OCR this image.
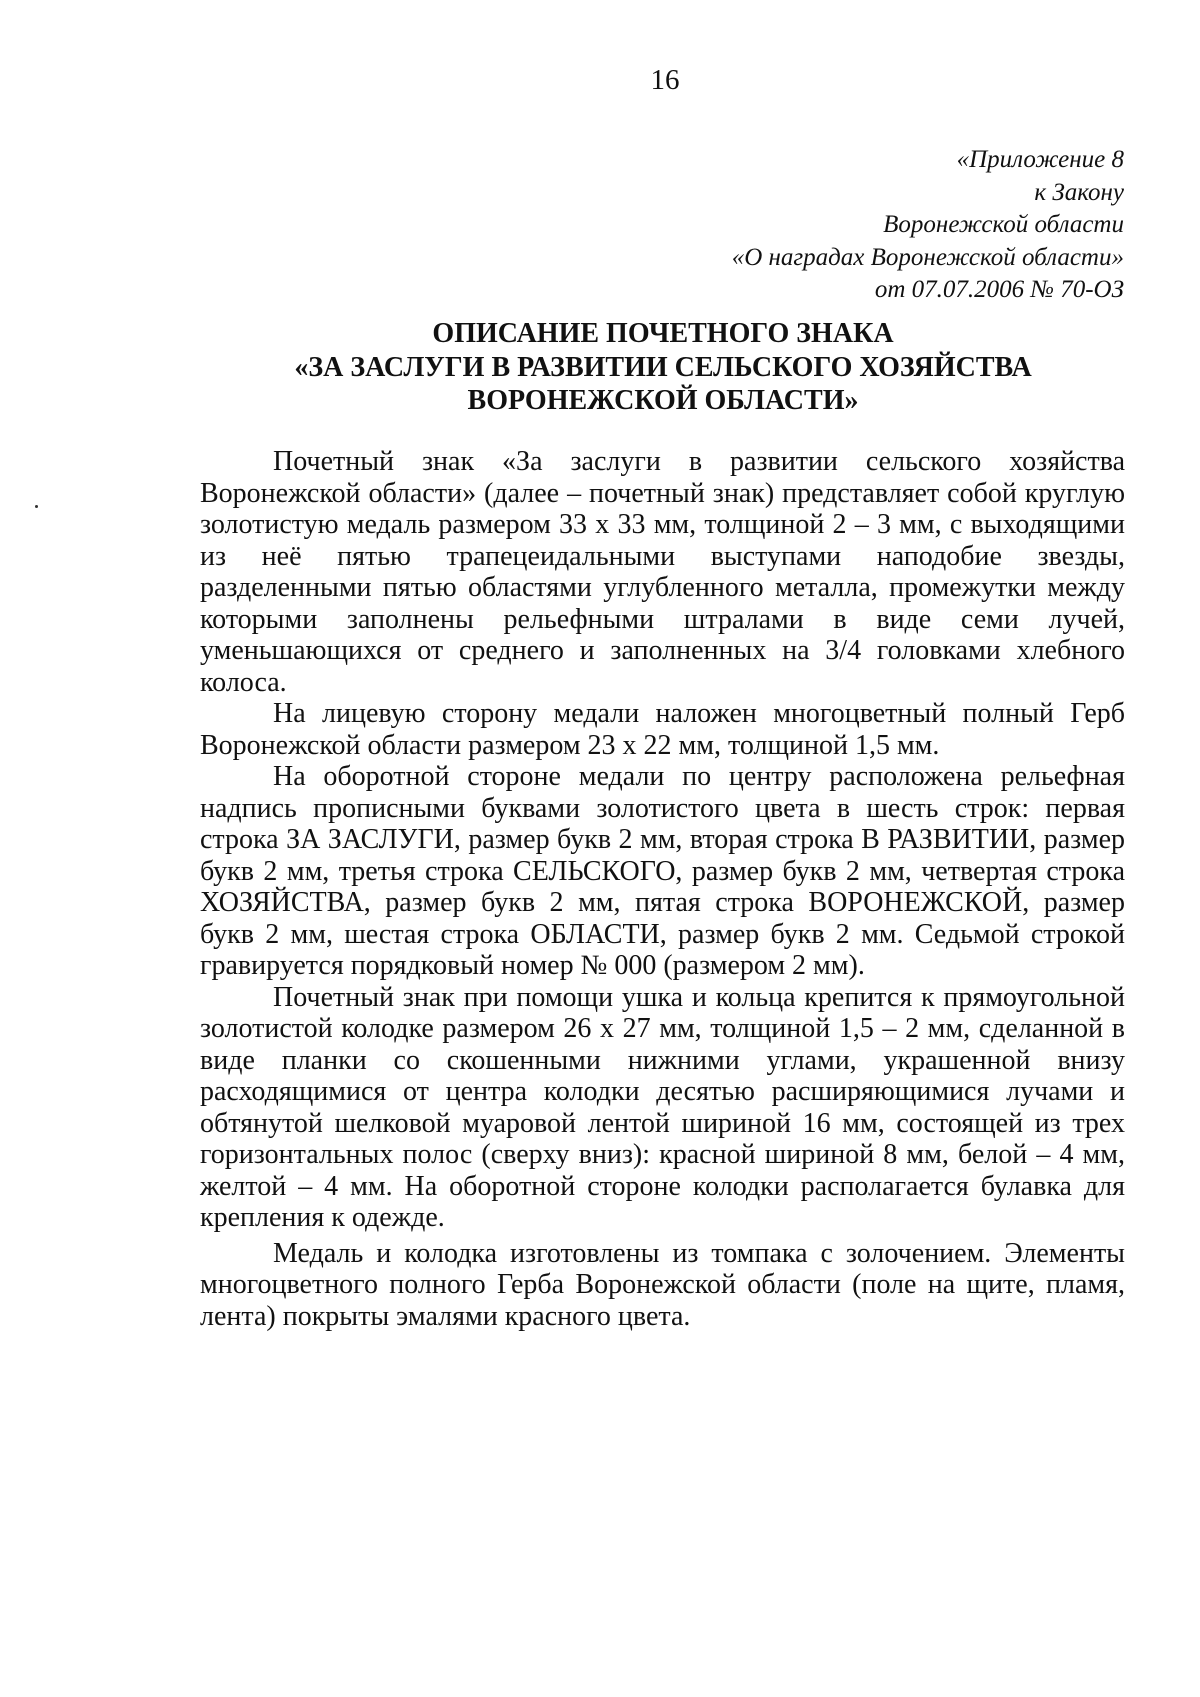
16
«Приложение 8
к Закону
Воронежской области
«О наградах Воронежской области»
от 07.07.2006 № 70-ОЗ
ОПИСАНИЕ ПОЧЕТНОГО ЗНАКА
«ЗА ЗАСЛУГИ В РАЗВИТИИ СЕЛЬСКОГО ХОЗЯЙСТВА
ВОРОНЕЖСКОЙ ОБЛАСТИ»

Почетный знак «За заслуги в развитии сельского хозяйства Воронежской области» (далее – почетный знак) представляет собой круглую золотистую медаль размером 33 х 33 мм, толщиной 2 – 3 мм, с выходящими из неё пятью трапецеидальными выступами наподобие звезды, разделенными пятью областями углубленного металла, промежутки между которыми заполнены рельефными штралами в виде семи лучей, уменьшающихся от среднего и заполненных на 3/4 головками хлебного колоса.

На лицевую сторону медали наложен многоцветный полный Герб Воронежской области размером 23 х 22 мм, толщиной 1,5 мм.

На оборотной стороне медали по центру расположена рельефная надпись прописными буквами золотистого цвета в шесть строк: первая строка ЗА ЗАСЛУГИ, размер букв 2 мм, вторая строка В РАЗВИТИИ, размер букв 2 мм, третья строка СЕЛЬСКОГО, размер букв 2 мм, четвертая строка ХОЗЯЙСТВА, размер букв 2 мм, пятая строка ВОРОНЕЖСКОЙ, размер букв 2 мм, шестая строка ОБЛАСТИ, размер букв 2 мм. Седьмой строкой гравируется порядковый номер № 000 (размером 2 мм).

Почетный знак при помощи ушка и кольца крепится к прямоугольной золотистой колодке размером 26 х 27 мм, толщиной 1,5 – 2 мм, сделанной в виде планки со скошенными нижними углами, украшенной внизу расходящимися от центра колодки десятью расширяющимися лучами и обтянутой шелковой муаровой лентой шириной 16 мм, состоящей из трех горизонтальных полос (сверху вниз): красной шириной 8 мм, белой – 4 мм, желтой – 4 мм. На оборотной стороне колодки располагается булавка для крепления к одежде.

Медаль и колодка изготовлены из томпака с золочением. Элементы многоцветного полного Герба Воронежской области (поле на щите, пламя, лента) покрыты эмалями красного цвета.
